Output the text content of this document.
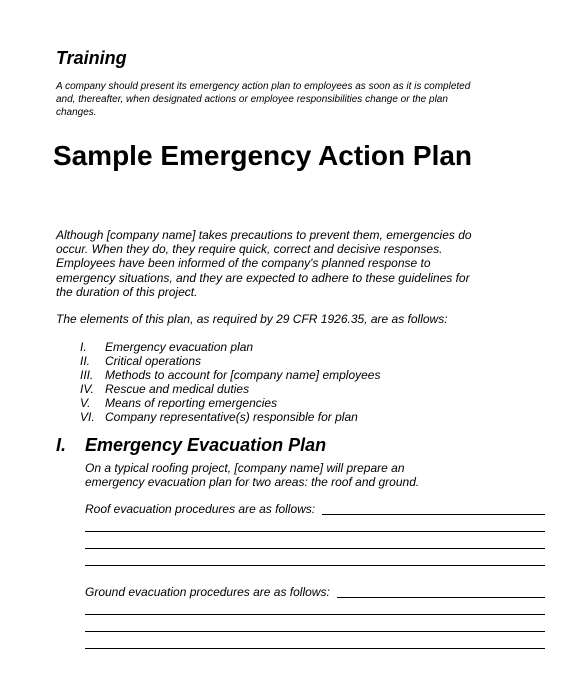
Training

A company should present its emergency action plan to employees as soon as it is completed and, thereafter, when designated actions or employee responsibilities change or the plan changes.

Sample Emergency Action Plan

Although [company name] takes precautions to prevent them, emergencies do occur. When they do, they require quick, correct and decisive responses. Employees have been informed of the company's planned response to emergency situations, and they are expected to adhere to these guidelines for the duration of this project.

The elements of this plan, as required by 29 CFR 1926.35, are as follows:

I.	Emergency evacuation plan
II.	Critical operations
III. Methods to account for [company name] employees
IV. Rescue and medical duties
V.	Means of reporting emergencies
VI. Company representative(s) responsible for plan
I.	Emergency Evacuation Plan

On a typical roofing project, [company name] will prepare an emergency evacuation plan for two areas: the roof and ground.

Roof evacuation procedures are as follows:

Ground evacuation procedures are as follows:
